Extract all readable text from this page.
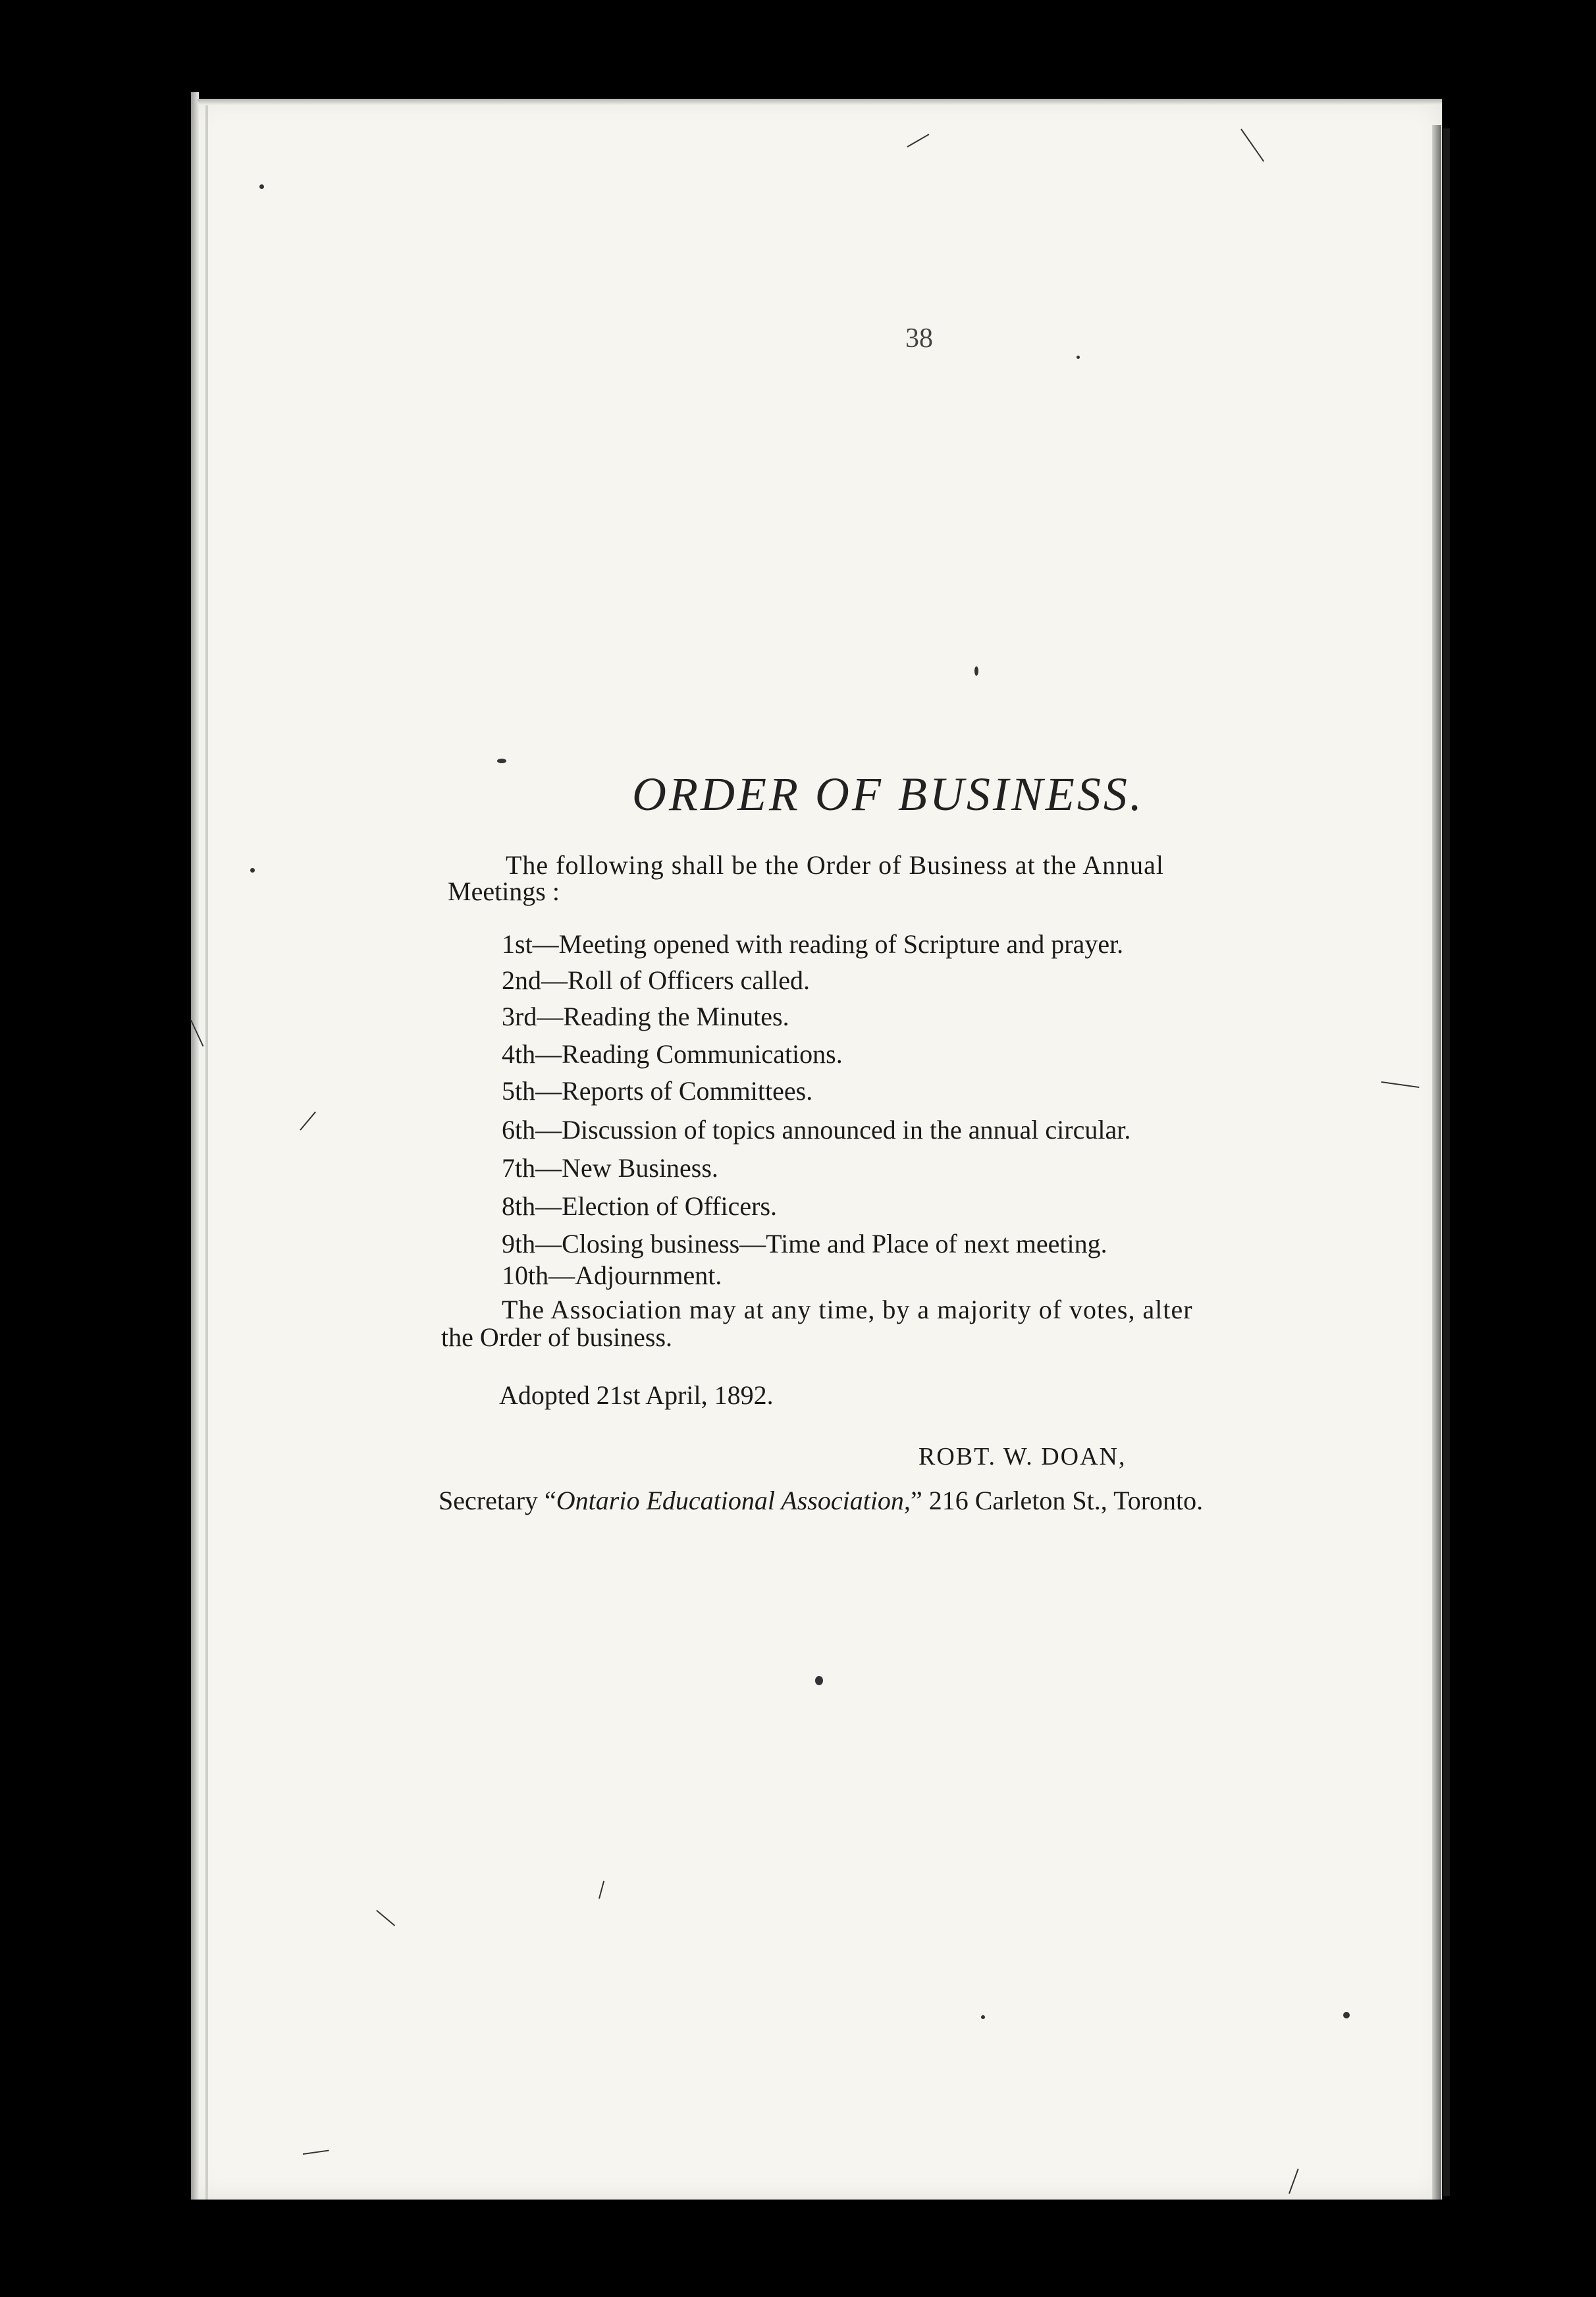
38
ORDER OF BUSINESS.
The following shall be the Order of Business at the Annual
Meetings :
1st—Meeting opened with reading of Scripture and prayer.
2nd—Roll of Officers called.
3rd—Reading the Minutes.
4th—Reading Communications.
5th—Reports of Committees.
6th—Discussion of topics announced in the annual circular.
7th—New Business.
8th—Election of Officers.
9th—Closing business—Time and Place of next meeting.
10th—Adjournment.
The Association may at any time, by a majority of votes, alter
the Order of business.
Adopted 21st April, 1892.
ROBT. W. DOAN,
Secretary “Ontario Educational Association,” 216 Carleton St., Toronto.
